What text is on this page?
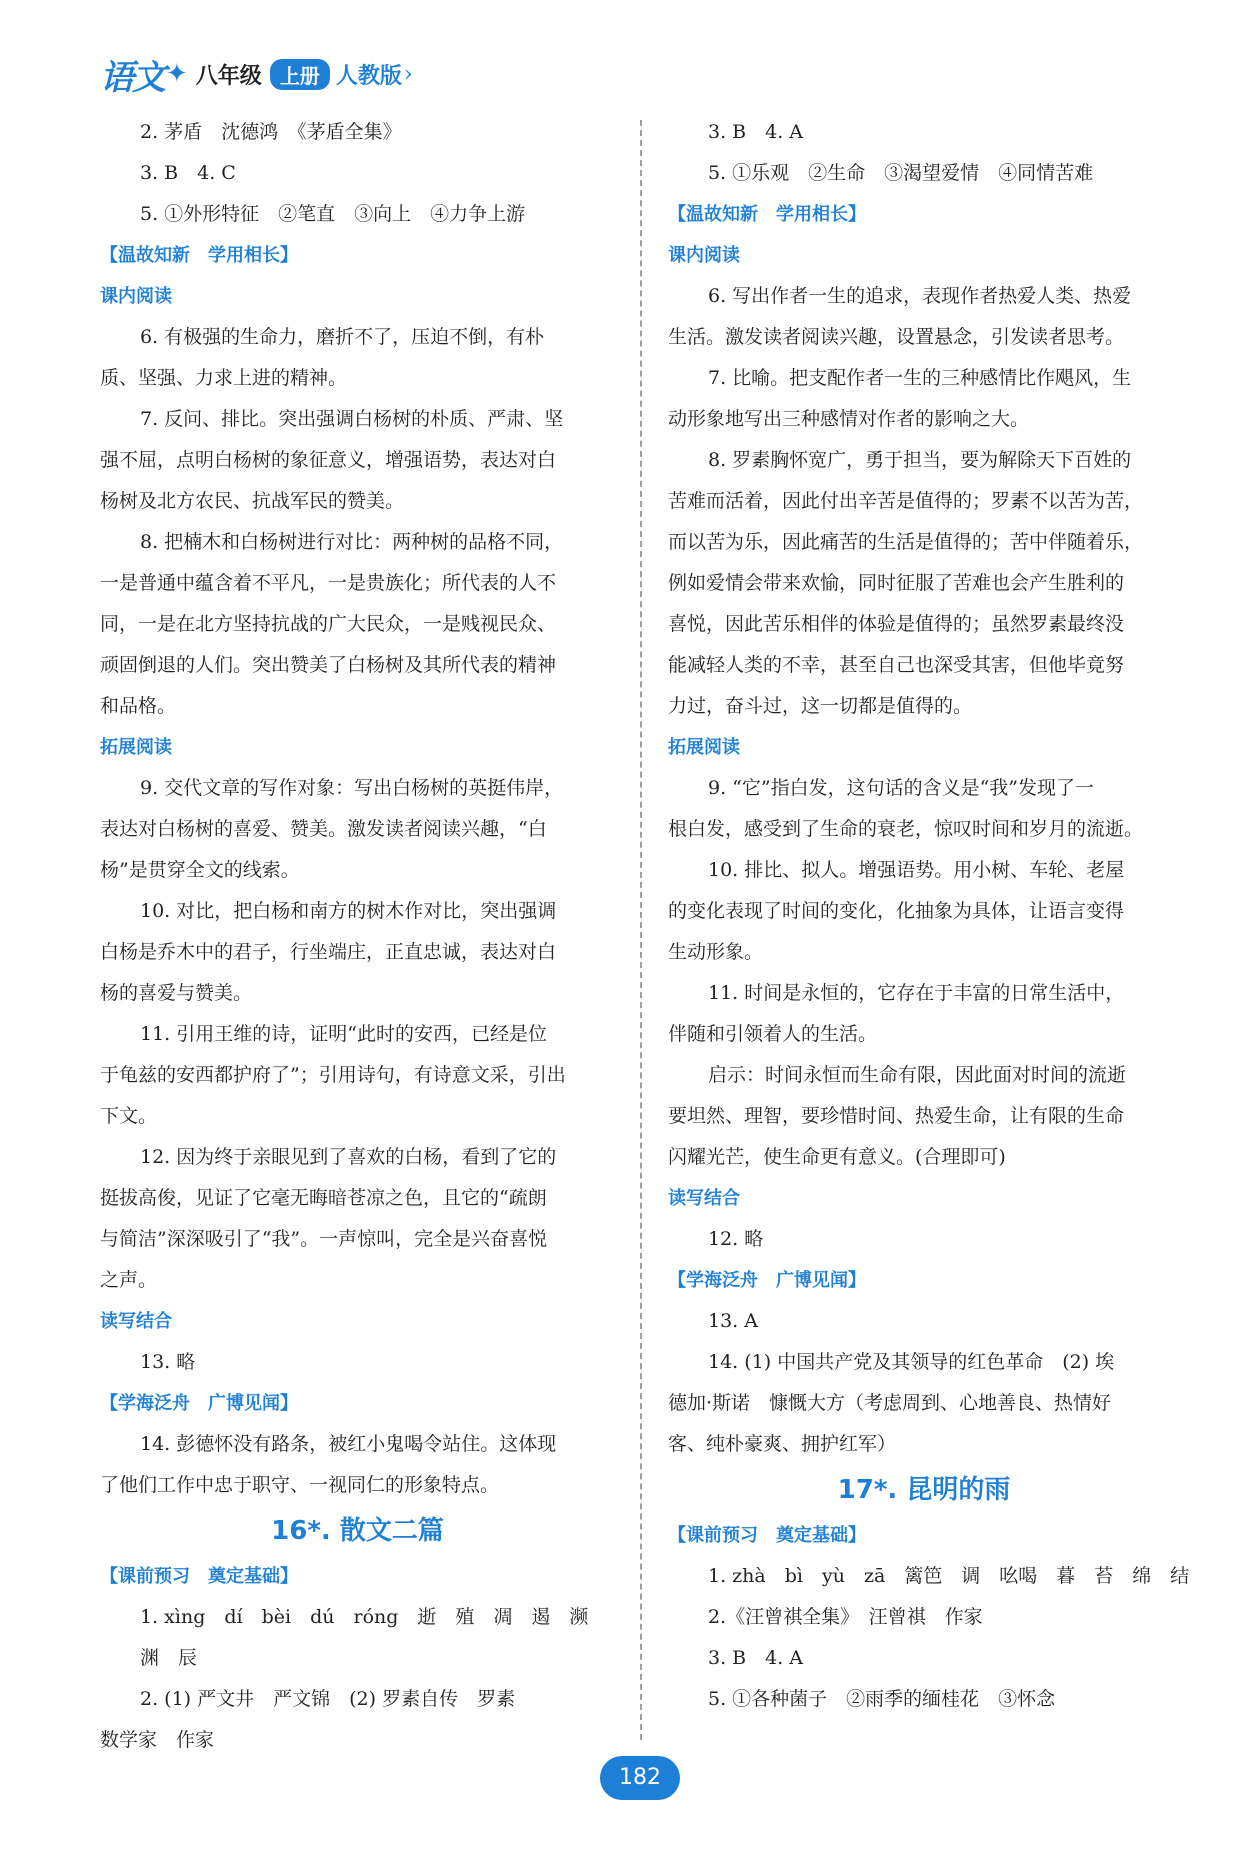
语文 ✦ 八年级 上册 人教版 ›
2. 茅盾　沈德鸿　《茅盾全集》
3. B　4. C
5. ①外形特征　②笔直　③向上　④力争上游
【温故知新　学用相长】
课内阅读
6. 有极强的生命力，磨折不了，压迫不倒，有朴
质、坚强、力求上进的精神。
7. 反问、排比。突出强调白杨树的朴质、严肃、坚
强不屈，点明白杨树的象征意义，增强语势，表达对白
杨树及北方农民、抗战军民的赞美。
8. 把楠木和白杨树进行对比：两种树的品格不同，
一是普通中蕴含着不平凡，一是贵族化；所代表的人不
同，一是在北方坚持抗战的广大民众，一是贱视民众、
顽固倒退的人们。突出赞美了白杨树及其所代表的精神
和品格。
拓展阅读
9. 交代文章的写作对象：写出白杨树的英挺伟岸，
表达对白杨树的喜爱、赞美。激发读者阅读兴趣，“白
杨”是贯穿全文的线索。
10. 对比，把白杨和南方的树木作对比，突出强调
白杨是乔木中的君子，行坐端庄，正直忠诚，表达对白
杨的喜爱与赞美。
11. 引用王维的诗，证明“此时的安西，已经是位
于龟兹的安西都护府了”；引用诗句，有诗意文采，引出
下文。
12. 因为终于亲眼见到了喜欢的白杨，看到了它的
挺拔高俊，见证了它毫无晦暗苍凉之色，且它的“疏朗
与简洁”深深吸引了“我”。一声惊叫，完全是兴奋喜悦
之声。
读写结合
13. 略
【学海泛舟　广博见闻】
14. 彭德怀没有路条，被红小鬼喝令站住。这体现
了他们工作中忠于职守、一视同仁的形象特点。
16*. 散文二篇
【课前预习　奠定基础】
1. xìng　dí　bèi　dú　róng　逝　殖　凋　遏　濒
渊　辰
2. (1) 严文井　严文锦　(2) 罗素自传　罗素
数学家　作家
3. B　4. A
5. ①乐观　②生命　③渴望爱情　④同情苦难
【温故知新　学用相长】
课内阅读
6. 写出作者一生的追求，表现作者热爱人类、热爱
生活。激发读者阅读兴趣，设置悬念，引发读者思考。
7. 比喻。把支配作者一生的三种感情比作飓风，生
动形象地写出三种感情对作者的影响之大。
8. 罗素胸怀宽广，勇于担当，要为解除天下百姓的
苦难而活着，因此付出辛苦是值得的；罗素不以苦为苦，
而以苦为乐，因此痛苦的生活是值得的；苦中伴随着乐，
例如爱情会带来欢愉，同时征服了苦难也会产生胜利的
喜悦，因此苦乐相伴的体验是值得的；虽然罗素最终没
能减轻人类的不幸，甚至自己也深受其害，但他毕竟努
力过，奋斗过，这一切都是值得的。
拓展阅读
9. “它”指白发，这句话的含义是“我”发现了一
根白发，感受到了生命的衰老，惊叹时间和岁月的流逝。
10. 排比、拟人。增强语势。用小树、车轮、老屋
的变化表现了时间的变化，化抽象为具体，让语言变得
生动形象。
11. 时间是永恒的，它存在于丰富的日常生活中，
伴随和引领着人的生活。
启示：时间永恒而生命有限，因此面对时间的流逝
要坦然、理智，要珍惜时间、热爱生命，让有限的生命
闪耀光芒，使生命更有意义。(合理即可)
读写结合
12. 略
【学海泛舟　广博见闻】
13. A
14. (1) 中国共产党及其领导的红色革命　(2) 埃
德加·斯诺　慷慨大方（考虑周到、心地善良、热情好
客、纯朴豪爽、拥护红军）
17*. 昆明的雨
【课前预习　奠定基础】
1. zhà　bì　yù　zā　篱笆　调　吆喝　暮　苔　绵　结
2.《汪曾祺全集》　汪曾祺　作家
3. B　4. A
5. ①各种菌子　②雨季的缅桂花　③怀念
182
